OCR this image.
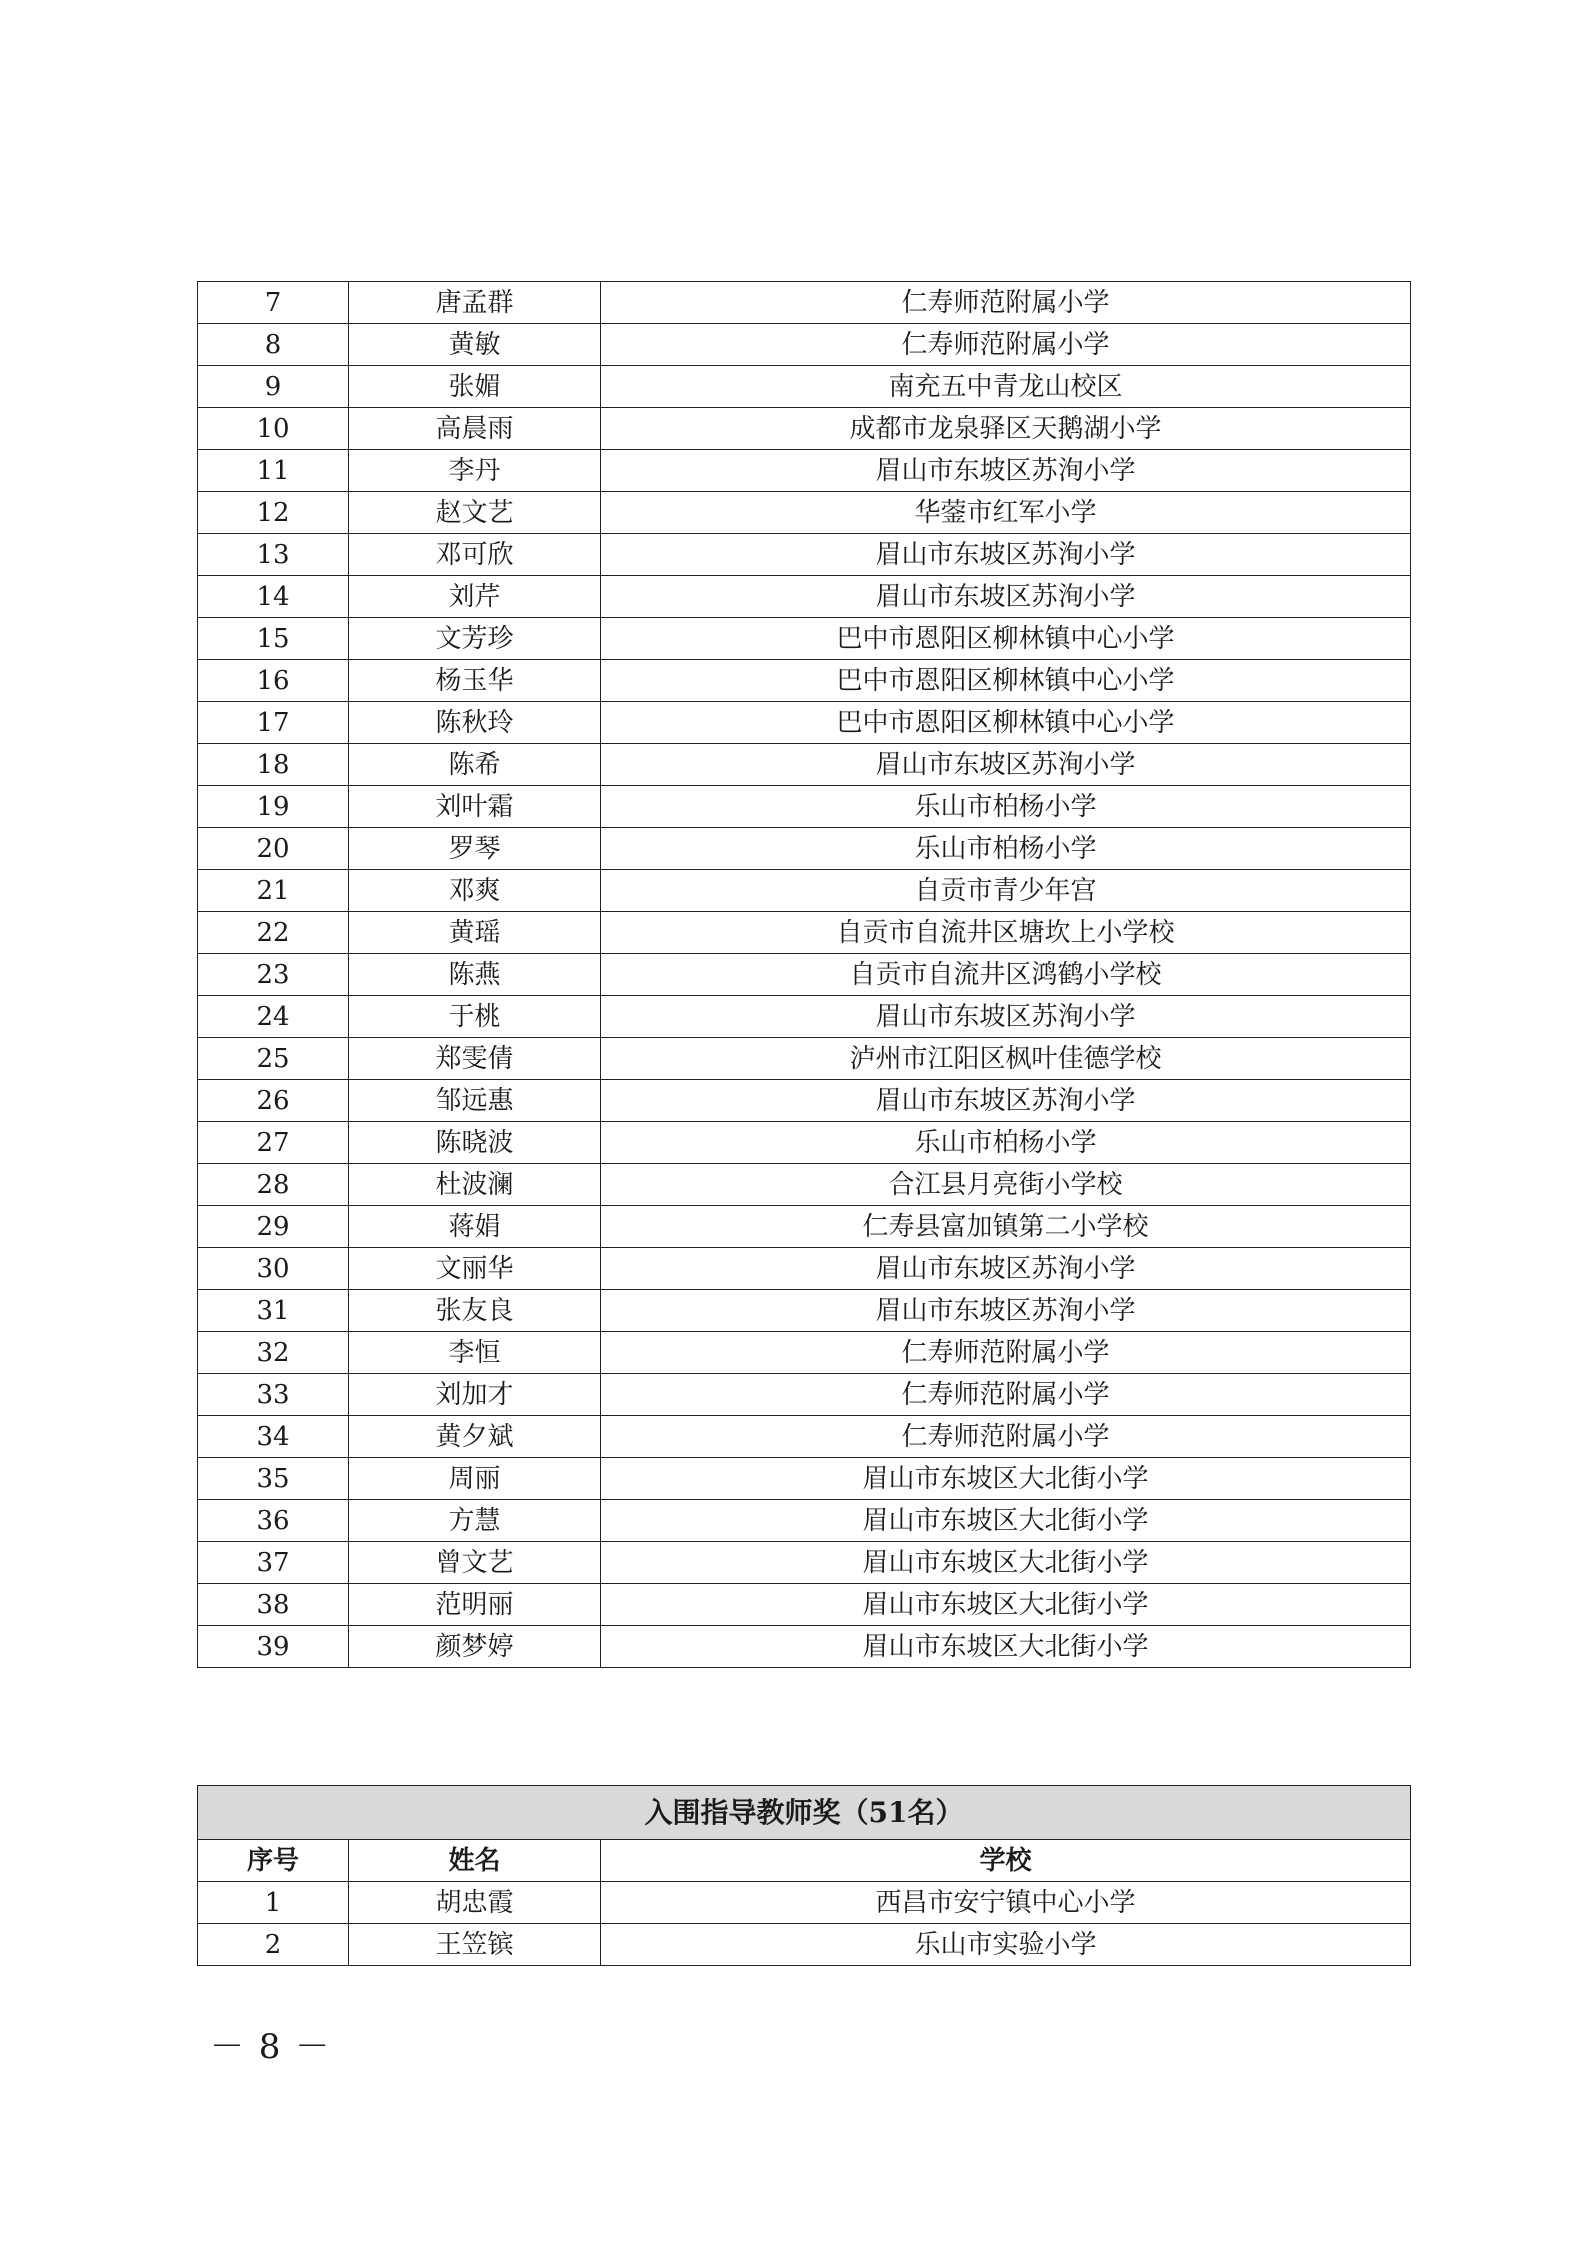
7	唐孟群	仁寿师范附属小学
8	黄敏	仁寿师范附属小学
9	张媚	南充五中青龙山校区
10	高晨雨	成都市龙泉驿区天鹅湖小学
11	李丹	眉山市东坡区苏洵小学
12	赵文艺	华蓥市红军小学
13	邓可欣	眉山市东坡区苏洵小学
14	刘芹	眉山市东坡区苏洵小学
15	文芳珍	巴中市恩阳区柳林镇中心小学
16	杨玉华	巴中市恩阳区柳林镇中心小学
17	陈秋玲	巴中市恩阳区柳林镇中心小学
18	陈希	眉山市东坡区苏洵小学
19	刘叶霜	乐山市柏杨小学
20	罗琴	乐山市柏杨小学
21	邓爽	自贡市青少年宫
22	黄瑶	自贡市自流井区塘坎上小学校
23	陈燕	自贡市自流井区鸿鹤小学校
24	于桃	眉山市东坡区苏洵小学
25	郑雯倩	泸州市江阳区枫叶佳德学校
26	邹远惠	眉山市东坡区苏洵小学
27	陈晓波	乐山市柏杨小学
28	杜波澜	合江县月亮街小学校
29	蒋娟	仁寿县富加镇第二小学校
30	文丽华	眉山市东坡区苏洵小学
31	张友良	眉山市东坡区苏洵小学
32	李恒	仁寿师范附属小学
33	刘加才	仁寿师范附属小学
34	黄夕斌	仁寿师范附属小学
35	周丽	眉山市东坡区大北街小学
36	方慧	眉山市东坡区大北街小学
37	曾文艺	眉山市东坡区大北街小学
38	范明丽	眉山市东坡区大北街小学
39	颜梦婷	眉山市东坡区大北街小学
入围指导教师奖（51名）		
序号	姓名	学校
1	胡忠霞	西昌市安宁镇中心小学
2	王笠镔	乐山市实验小学
－ 8 －
